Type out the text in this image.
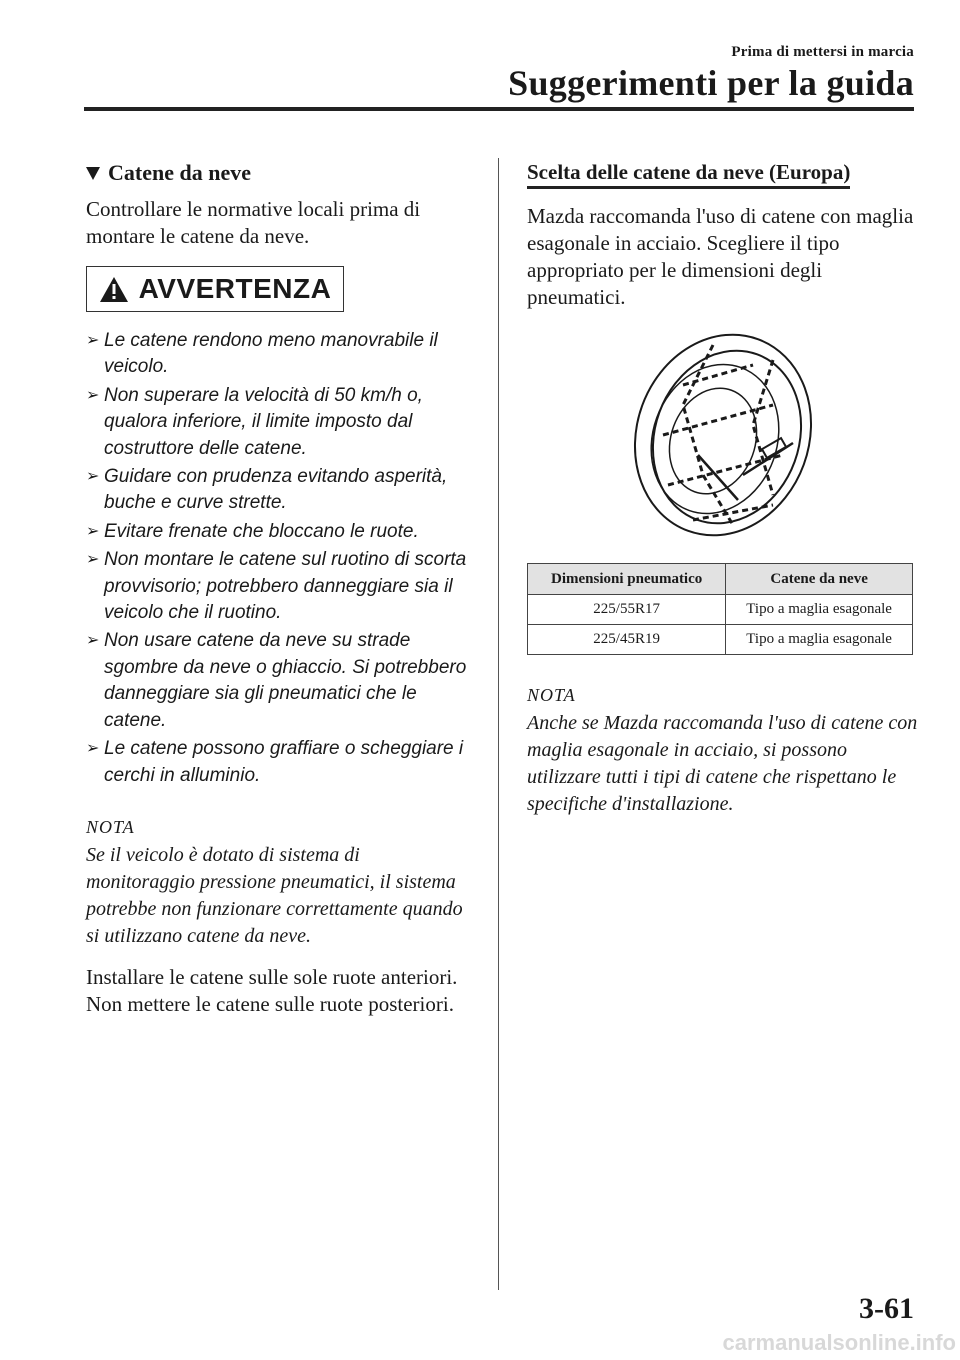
Prima di mettersi in marcia
Suggerimenti per la guida
Catene da neve

Controllare le normative locali prima di montare le catene da neve.

AVVERTENZA
➢ Le catene rendono meno manovrabile il veicolo.
➢ Non superare la velocità di 50 km/h o, qualora inferiore, il limite imposto dal costruttore delle catene.
➢ Guidare con prudenza evitando asperità, buche e curve strette.
➢ Evitare frenate che bloccano le ruote.
➢ Non montare le catene sul ruotino di scorta provvisorio; potrebbero danneggiare sia il veicolo che il ruotino.
➢ Non usare catene da neve su strade sgombre da neve o ghiaccio. Si potrebbero danneggiare sia gli pneumatici che le catene.
➢ Le catene possono graffiare o scheggiare i cerchi in alluminio.
NOTA

Se il veicolo è dotato di sistema di monitoraggio pressione pneumatici, il sistema potrebbe non funzionare correttamente quando si utilizzano catene da neve.

Installare le catene sulle sole ruote anteriori.

Non mettere le catene sulle ruote posteriori.

Scelta delle catene da neve (Europa)

Mazda raccomanda l'uso di catene con maglia esagonale in acciaio. Scegliere il tipo appropriato per le dimensioni degli pneumatici.

Dimensioni pneumatico	Catene da neve
225/55R17	Tipo a maglia esagonale
225/45R19	Tipo a maglia esagonale
NOTA

Anche se Mazda raccomanda l'uso di catene con maglia esagonale in acciaio, si possono utilizzare tutti i tipi di catene che rispettano le specifiche d'installazione.

3-61
carmanualsonline.info
